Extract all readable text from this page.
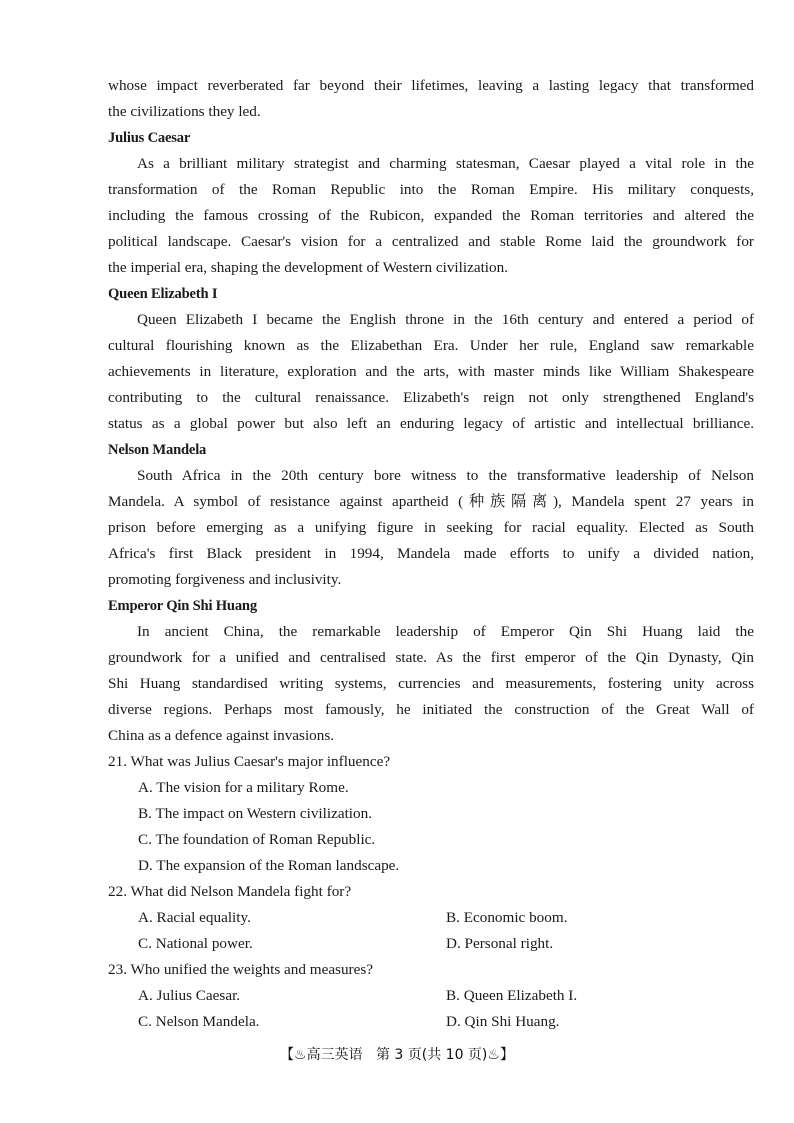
whose impact reverberated far beyond their lifetimes, leaving a lasting legacy that transformed

the civilizations they led.

Julius Caesar

As a brilliant military strategist and charming statesman, Caesar played a vital role in the

transformation of the Roman Republic into the Roman Empire. His military conquests,

including the famous crossing of the Rubicon, expanded the Roman territories and altered the

political landscape. Caesar's vision for a centralized and stable Rome laid the groundwork for

the imperial era, shaping the development of Western civilization.

Queen Elizabeth I

Queen Elizabeth I became the English throne in the 16th century and entered a period of

cultural flourishing known as the Elizabethan Era. Under her rule, England saw remarkable

achievements in literature, exploration and the arts, with master minds like William Shakespeare

contributing to the cultural renaissance. Elizabeth's reign not only strengthened England's

status as a global power but also left an enduring legacy of artistic and intellectual brilliance.

Nelson Mandela

South Africa in the 20th century bore witness to the transformative leadership of Nelson

Mandela. A symbol of resistance against apartheid (种族隔离), Mandela spent 27 years in

prison before emerging as a unifying figure in seeking for racial equality. Elected as South

Africa's first Black president in 1994, Mandela made efforts to unify a divided nation,

promoting forgiveness and inclusivity.

Emperor Qin Shi Huang

In ancient China, the remarkable leadership of Emperor Qin Shi Huang laid the

groundwork for a unified and centralised state. As the first emperor of the Qin Dynasty, Qin

Shi Huang standardised writing systems, currencies and measurements, fostering unity across

diverse regions. Perhaps most famously, he initiated the construction of the Great Wall of

China as a defence against invasions.

21. What was Julius Caesar's major influence?

A. The vision for a military Rome.

B. The impact on Western civilization.

C. The foundation of Roman Republic.

D. The expansion of the Roman landscape.

22. What did Nelson Mandela fight for?

A. Racial equality.	B. Economic boom.
C. National power.	D. Personal right.

23. Who unified the weights and measures?

A. Julius Caesar.	B. Queen Elizabeth I.
C. Nelson Mandela.	D. Qin Shi Huang.
【♨高三英语 第 3 页(共 10 页)♨】
